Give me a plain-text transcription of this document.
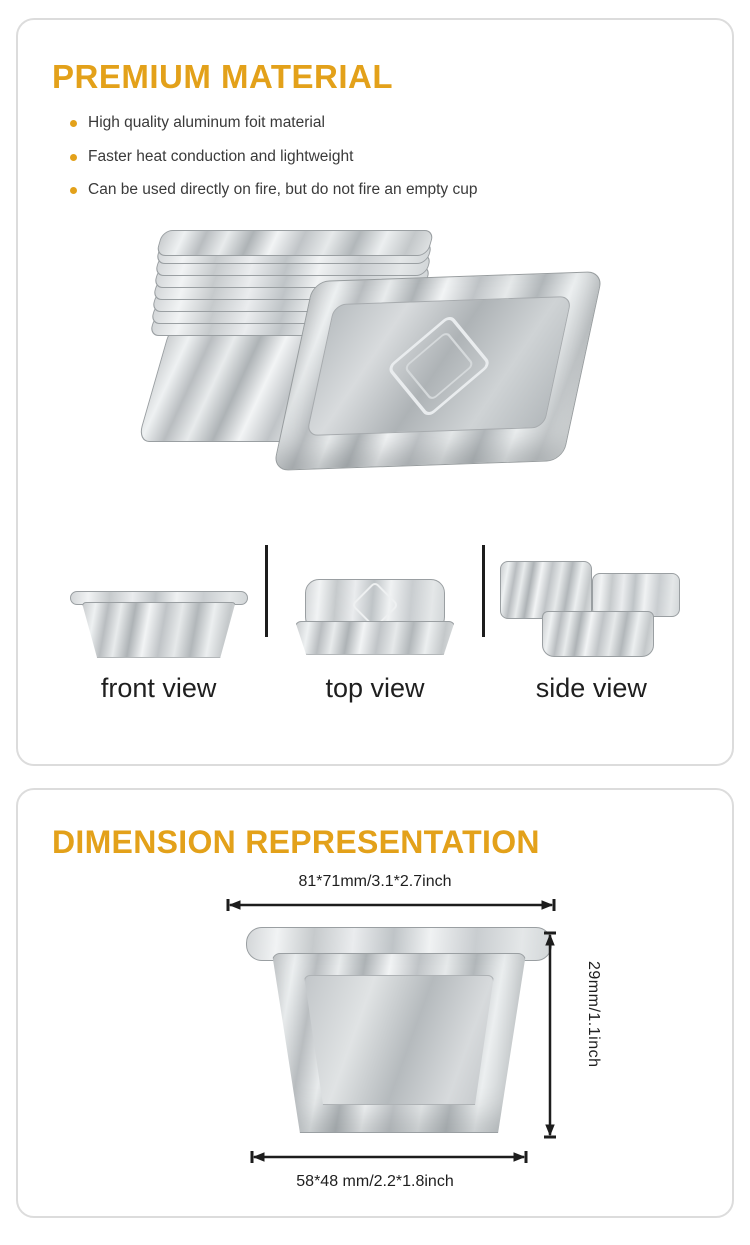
PREMIUM MATERIAL
High quality aluminum foit material
Faster heat conduction and lightweight
Can be used directly on fire, but do not fire an empty cup
front view	top view	side view
DIMENSION REPRESENTATION
81*71mm/3.1*2.7inch
29mm/1.1inch
58*48 mm/2.2*1.8inch
